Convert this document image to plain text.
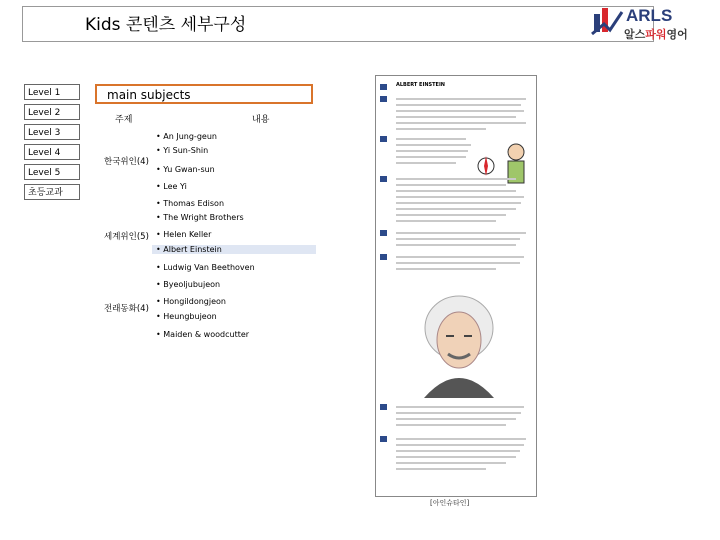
Kids 콘텐츠 세부구성	ARLS
알스파워영어
Level 1
Level 2
Level 3
Level 4
Level 5
초등교과
main subjects
주제	내용
한국위인(4)
• An Jung-geun
• Yi Sun-Shin
• Yu Gwan-sun
• Lee Yi
세계위인(5)
• Thomas Edison
• The Wright Brothers
• Helen Keller
• Albert Einstein
• Ludwig Van Beethoven
전래동화(4)
• Byeoljubujeon
• Hongildongjeon
• Heungbujeon
• Maiden & woodcutter
ALBERT EINSTEIN
[아인슈타인]
